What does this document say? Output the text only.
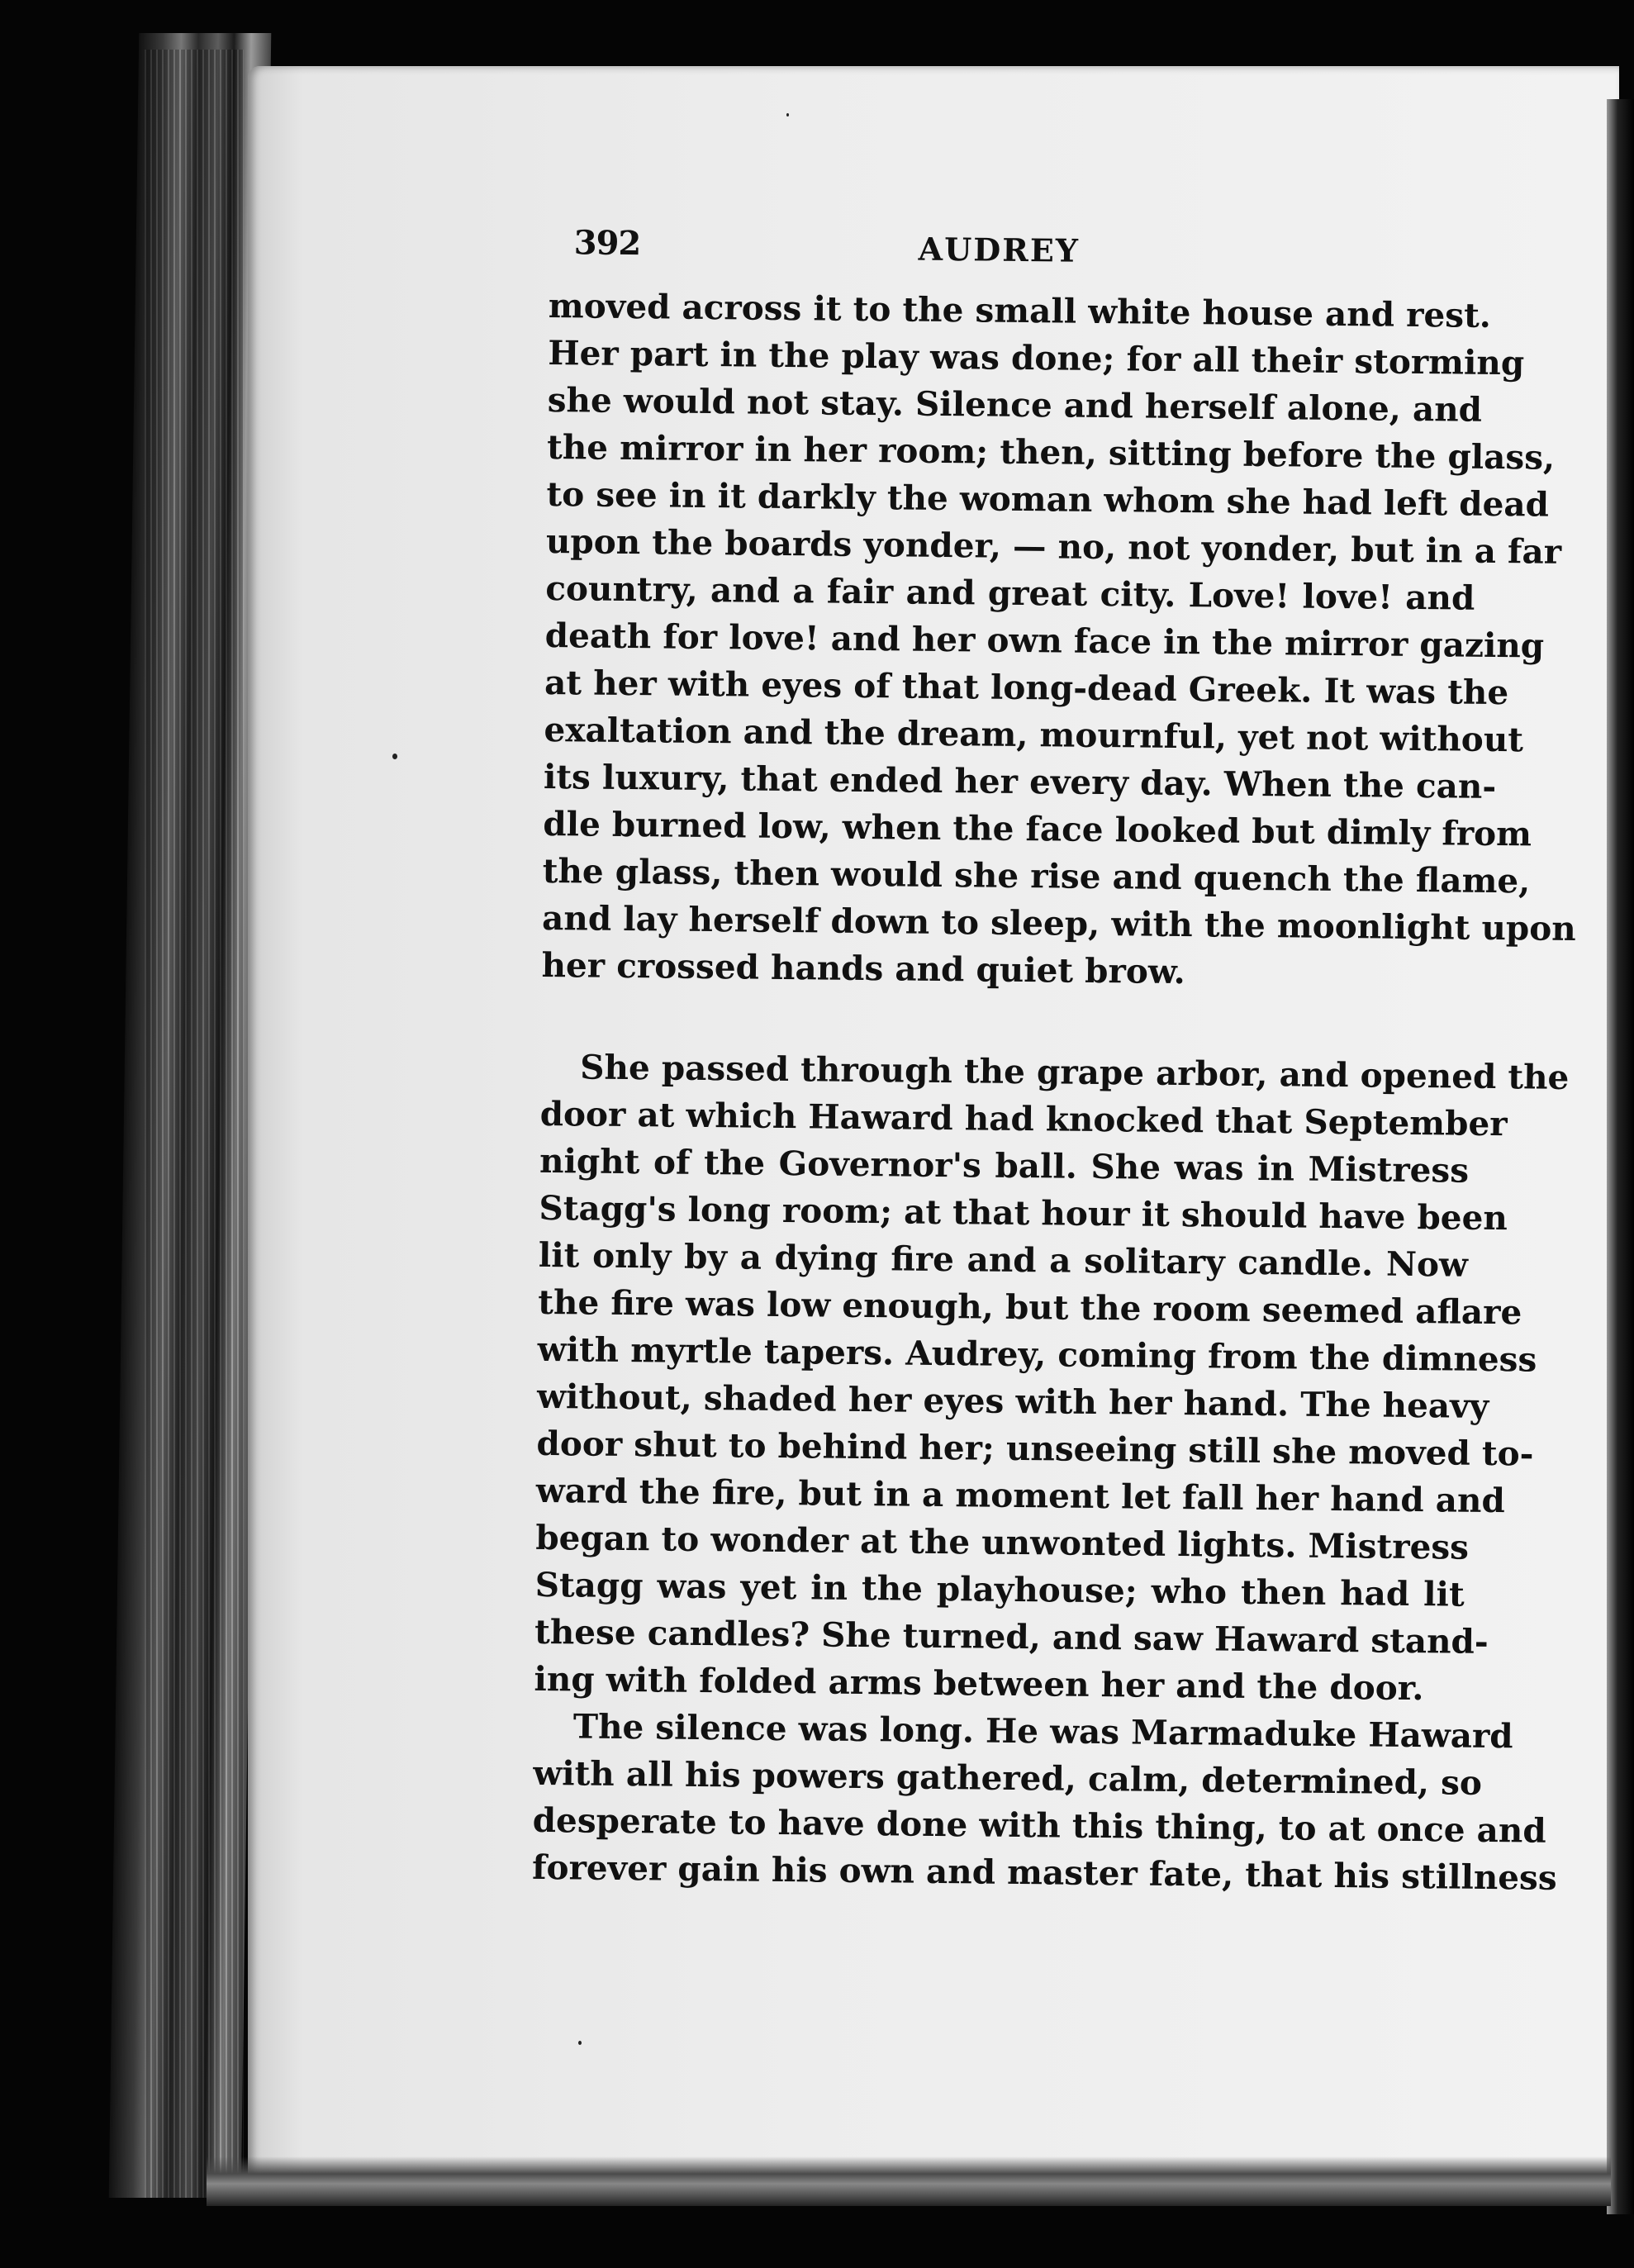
392	AUDREY
moved across it to the small white house and rest.
Her part in the play was done; for all their storming
she would not stay. Silence and herself alone, and
the mirror in her room; then, sitting before the glass,
to see in it darkly the woman whom she had left dead
upon the boards yonder, — no, not yonder, but in a far
country, and a fair and great city. Love! love! and
death for love! and her own face in the mirror gazing
at her with eyes of that long-dead Greek. It was the
exaltation and the dream, mournful, yet not without
its luxury, that ended her every day. When the can-
dle burned low, when the face looked but dimly from
the glass, then would she rise and quench the flame,
and lay herself down to sleep, with the moonlight upon
her crossed hands and quiet brow.
She passed through the grape arbor, and opened the
door at which Haward had knocked that September
night of the Governor's ball. She was in Mistress
Stagg's long room; at that hour it should have been
lit only by a dying fire and a solitary candle. Now
the fire was low enough, but the room seemed aflare
with myrtle tapers. Audrey, coming from the dimness
without, shaded her eyes with her hand. The heavy
door shut to behind her; unseeing still she moved to-
ward the fire, but in a moment let fall her hand and
began to wonder at the unwonted lights. Mistress
Stagg was yet in the playhouse; who then had lit
these candles? She turned, and saw Haward stand-
ing with folded arms between her and the door.
The silence was long. He was Marmaduke Haward
with all his powers gathered, calm, determined, so
desperate to have done with this thing, to at once and
forever gain his own and master fate, that his stillness
